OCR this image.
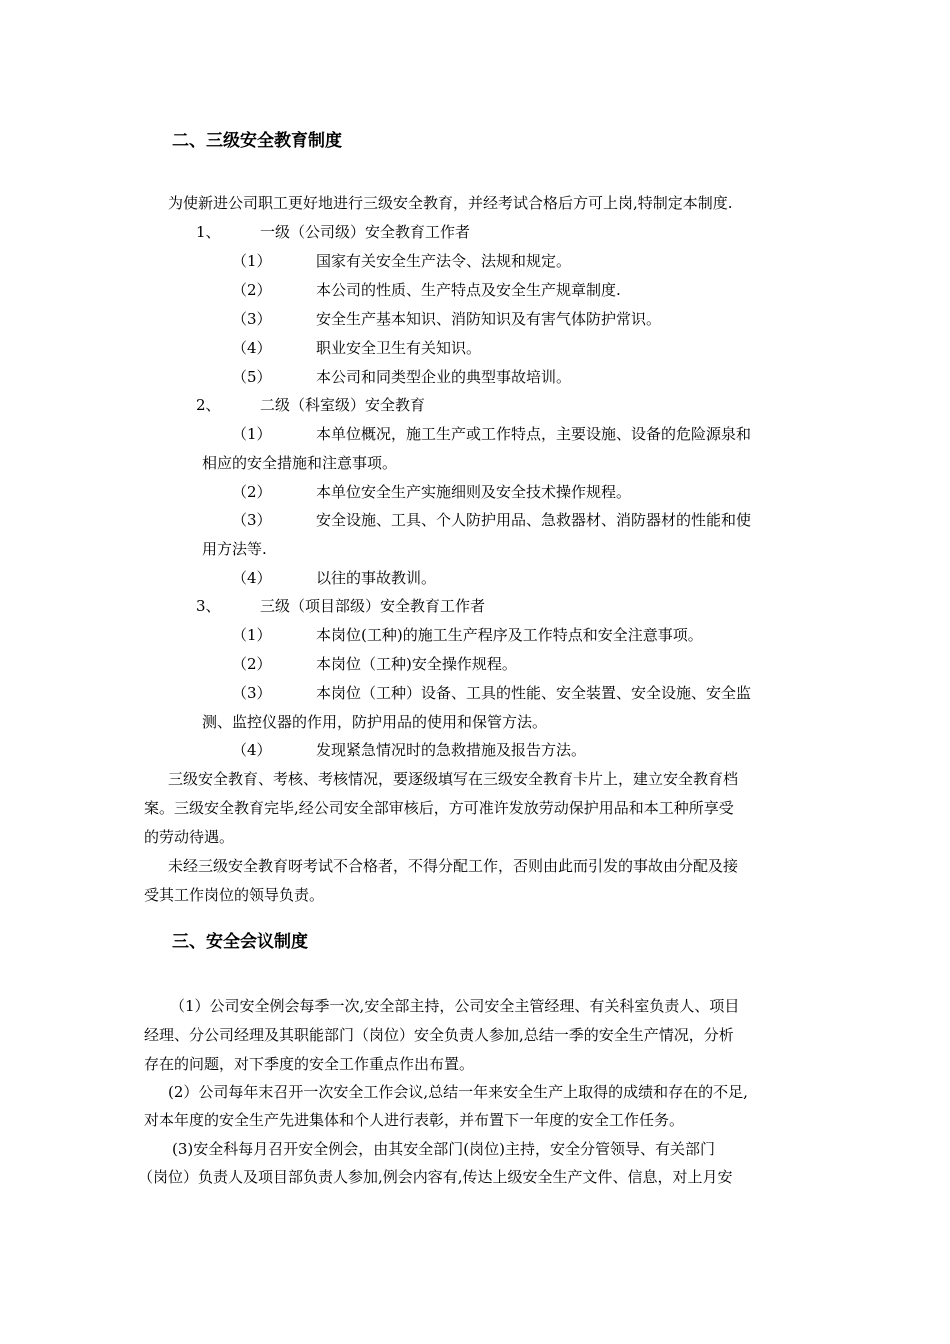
二、三级安全教育制度
为使新进公司职工更好地进行三级安全教育，并经考试合格后方可上岗,特制定本制度.
1、	一级（公司级）安全教育工作者
（1）	国家有关安全生产法令、法规和规定。
（2）	本公司的性质、生产特点及安全生产规章制度.
（3）	安全生产基本知识、消防知识及有害气体防护常识。
（4）	职业安全卫生有关知识。
（5）	本公司和同类型企业的典型事故培训。
2、	二级（科室级）安全教育
（1）	本单位概况，施工生产或工作特点，主要设施、设备的危险源泉和
相应的安全措施和注意事项。
（2）	本单位安全生产实施细则及安全技术操作规程。
（3）	安全设施、工具、个人防护用品、急救器材、消防器材的性能和使
用方法等.
（4）	以往的事故教训。
3、	三级（项目部级）安全教育工作者
（1）	本岗位(工种)的施工生产程序及工作特点和安全注意事项。
（2）	本岗位（工种)安全操作规程。
（3）	本岗位（工种）设备、工具的性能、安全装置、安全设施、安全监
测、监控仪器的作用，防护用品的使用和保管方法。
（4）	发现紧急情况时的急救措施及报告方法。
三级安全教育、考核、考核情况，要逐级填写在三级安全教育卡片上，建立安全教育档
案。三级安全教育完毕,经公司安全部审核后，方可准许发放劳动保护用品和本工种所享受
的劳动待遇。
未经三级安全教育呀考试不合格者，不得分配工作，否则由此而引发的事故由分配及接
受其工作岗位的领导负责。
三、安全会议制度
（1）公司安全例会每季一次,安全部主持，公司安全主管经理、有关科室负责人、项目
经理、分公司经理及其职能部门（岗位）安全负责人参加,总结一季的安全生产情况，分析
存在的问题，对下季度的安全工作重点作出布置。
(2）公司每年末召开一次安全工作会议,总结一年来安全生产上取得的成绩和存在的不足,
对本年度的安全生产先进集体和个人进行表彰，并布置下一年度的安全工作任务。
(3)安全科每月召开安全例会，由其安全部门(岗位)主持，安全分管领导、有关部门
（岗位）负责人及项目部负责人参加,例会内容有,传达上级安全生产文件、信息，对上月安
